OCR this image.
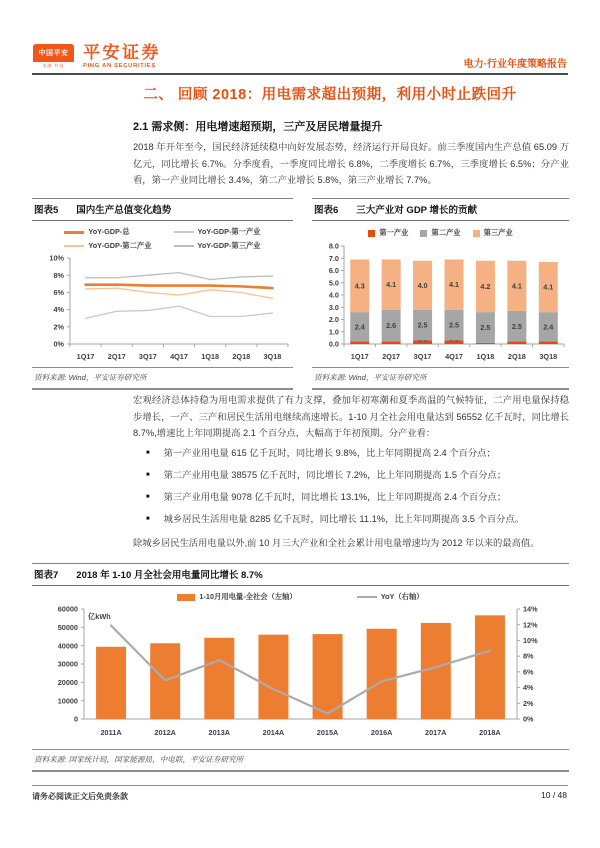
中国平安
金融·科技
平安证券
PING AN SECURITIES	电力·行业年度策略报告
二、 回顾 2018：用电需求超出预期，利用小时止跌回升
2.1 需求侧：用电增速超预期，三产及居民增量提升
2018 年开年至今，国民经济延续稳中向好发展态势，经济运行开局良好。前三季度国内生产总值 65.09 万亿元，同比增长 6.7%。分季度看，一季度同比增长 6.8%，二季度增长 6.7%，三季度增长 6.5%；分产业看，第一产业同比增长 3.4%，第二产业增长 5.8%，第三产业增长 7.7%。
图表5 国内生产总值变化趋势
YoY-GDP-总	YoY-GDP-第一产业
YoY-GDP-第二产业	YoY-GDP-第三产业
0%
2%
4%
6%
8%
10%
1Q17 2Q17 3Q17 4Q17 1Q18 2Q18 3Q18
资料来源: Wind，平安证券研究所
图表6 三大产业对 GDP 增长的贡献
第一产业	第二产业	第三产业
0.0
1.0
2.0
3.0
4.0
5.0
6.0
7.0
8.0
1Q17
2.4
4.3
2Q17
2.6
4.1
3Q17
2.5
4.0
4Q17
2.5
4.1
1Q18
2.5
4.2
2Q18
2.5
4.1
3Q18
2.4
4.1
资料来源: Wind，平安证券研究所
宏观经济总体持稳为用电需求提供了有力支撑，叠加年初寒潮和夏季高温的气候特征，二产用电量保持稳步增长，一产、三产和居民生活用电继续高速增长。1-10 月全社会用电量达到 56552 亿千瓦时，同比增长 8.7%,增速比上年同期提高 2.1 个百分点，大幅高于年初预期。分产业看：
■ 第一产业用电量 615 亿千瓦时，同比增长 9.8%，比上年同期提高 2.4 个百分点；
■ 第二产业用电量 38575 亿千瓦时，同比增长 7.2%，比上年同期提高 1.5 个百分点；
■ 第三产业用电量 9078 亿千瓦时，同比增长 13.1%，比上年同期提高 2.4 个百分点；
■ 城乡居民生活用电量 8285 亿千瓦时，同比增长 11.1%，比上年同期提高 3.5 个百分点。
除城乡居民生活用电量以外,前 10 月三大产业和全社会累计用电量增速均为 2012 年以来的最高值。
图表7 2018 年 1-10 月全社会用电量同比增长 8.7%
1-10月用电量-全社会（左轴）	YoY（右轴）
0
10000
20000
30000
40000
50000
60000
0%
2%
4%
6%
8%
10%
12%
14%
亿kWh
2011A	2012A	2013A	2014A	2015A	2016A	2017A	2018A
资料来源: 国家统计局，国家能源局，中电联，平安证券研究所
请务必阅读正文后免责条款	10 / 48
